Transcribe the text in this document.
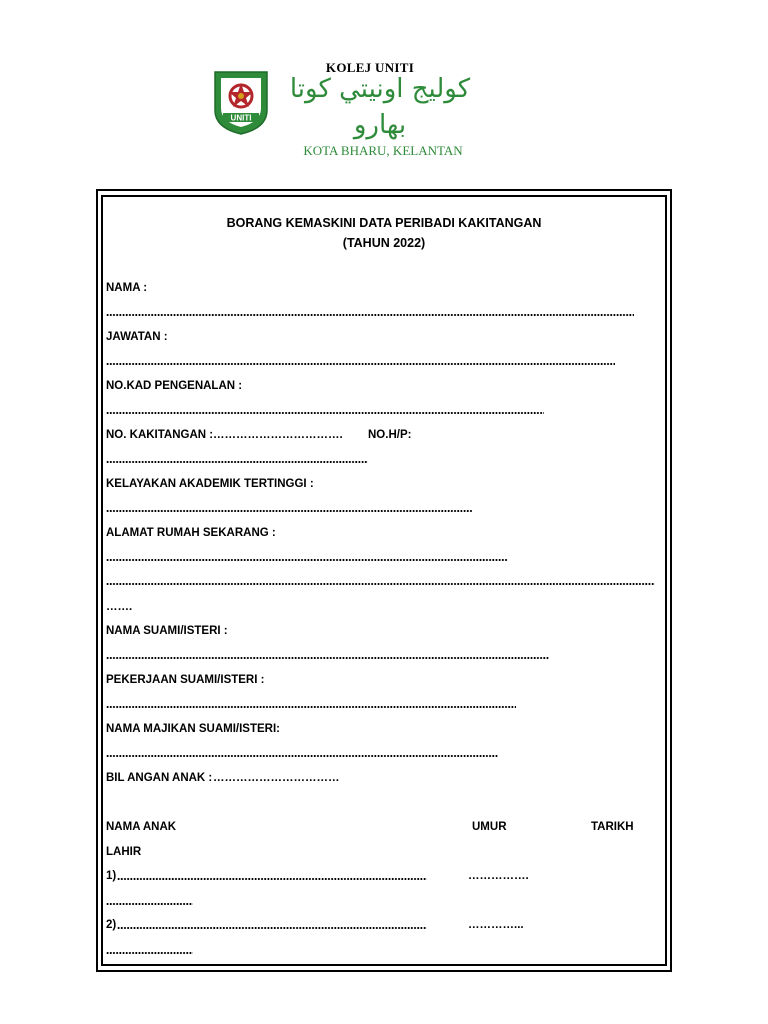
UNITI
KOLEJ UNITI
كوليج اونيتي كوتا
بهارو
KOTA BHARU, KELANTAN
BORANG KEMASKINI DATA PERIBADI KAKITANGAN
(TAHUN 2022)
NAMA :
JAWATAN :
NO.KAD PENGENALAN :
NO. KAKITANGAN : ……………………………. NO.H/P:
KELAYAKAN AKADEMIK TERTINGGI :
ALAMAT RUMAH SEKARANG :
…….
NAMA SUAMI/ISTERI :
PEKERJAAN SUAMI/ISTERI :
NAMA MAJIKAN SUAMI/ISTERI:
BIL ANGAN ANAK : ……………………………
NAMA ANAK	UMUR	TARIKH
LAHIR
1)	…………….
2)	…………...
